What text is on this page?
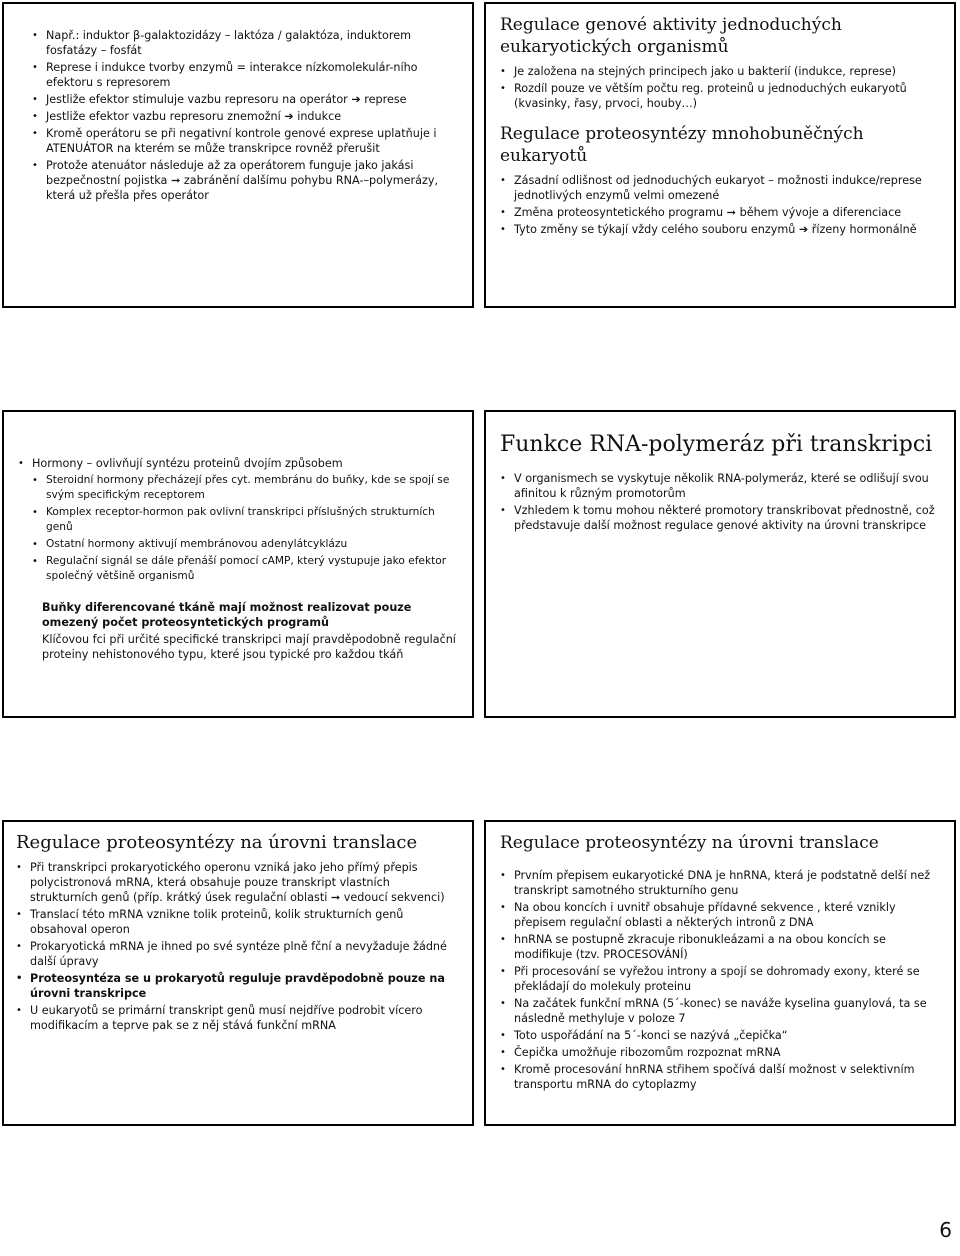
• Např.: induktor β-galaktozidázy – laktóza / galaktóza, induktorem fosfatázy – fosfát
• Represe i indukce tvorby enzymů = interakce nízkomolekulár-ního efektoru s represorem
• Jestliže efektor stimuluje vazbu represoru na operátor ➔ represe
• Jestliže efektor vazbu represoru znemožní ➔ indukce
• Kromě operátoru se při negativní kontrole genové exprese uplatňuje i ATENUÁTOR na kterém se může transkripce rovněž přerušit
• Protože atenuátor následuje až za operátorem funguje jako jakási bezpečnostní pojistka ➞ zabránění dalšímu pohybu RNA-–polymerázy, která už přešla přes operátor
Regulace genové aktivity jednoduchých eukaryotických organismů
• Je založena na stejných principech jako u bakterií (indukce, represe)
• Rozdíl pouze ve větším počtu reg. proteinů u jednoduchých eukaryotů (kvasinky, řasy, prvoci, houby…)
Regulace proteosyntézy mnohobuněčných eukaryotů
• Zásadní odlišnost od jednoduchých eukaryot – možnosti indukce/represe jednotlivých enzymů velmi omezené
• Změna proteosyntetického programu ➞ během vývoje a diferenciace
• Tyto změny se týkají vždy celého souboru enzymů ➔ řízeny hormonálně
• Hormony – ovlivňují syntézu proteinů dvojím způsobem
• Steroidní hormony přecházejí přes cyt. membránu do buňky, kde se spojí se svým specifickým receptorem
• Komplex receptor-hormon pak ovlivní transkripci příslušných strukturních genů
• Ostatní hormony aktivují membránovou adenylátcyklázu
• Regulační signál se dále přenáší pomocí cAMP, který vystupuje jako efektor společný většině organismů
Buňky diferencované tkáně mají možnost realizovat pouze omezený počet proteosyntetických programů
Klíčovou fci při určité specifické transkripci mají pravděpodobně regulační proteiny nehistonového typu, které jsou typické pro každou tkáň
Funkce RNA-polymeráz při transkripci
• V organismech se vyskytuje několik RNA-polymeráz, které se odlišují svou afinitou k různým promotorům
• Vzhledem k tomu mohou některé promotory transkribovat přednostně, což představuje další možnost regulace genové aktivity na úrovni transkripce
Regulace proteosyntézy na úrovni translace
• Při transkripci prokaryotického operonu vzniká jako jeho přímý přepis polycistronová mRNA, která obsahuje pouze transkript vlastních strukturních genů (příp. krátký úsek regulační oblasti ➞ vedoucí sekvenci)
• Translací této mRNA vznikne tolik proteinů, kolik strukturních genů obsahoval operon
• Prokaryotická mRNA je ihned po své syntéze plně fční a nevyžaduje žádné další úpravy
• Proteosyntéza se u prokaryotů reguluje pravděpodobně pouze na úrovni transkripce
• U eukaryotů se primární transkript genů musí nejdříve podrobit vícero modifikacím a teprve pak se z něj stává funkční mRNA
Regulace proteosyntézy na úrovni translace
• Prvním přepisem eukaryotické DNA je hnRNA, která je podstatně delší než transkript samotného strukturního genu
• Na obou koncích i uvnitř obsahuje přídavné sekvence , které vznikly přepisem regulační oblasti a některých intronů z DNA
• hnRNA se postupně zkracuje ribonukleázami a na obou koncích se modifikuje (tzv. PROCESOVÁNÍ)
• Při procesování se vyřežou introny a spojí se dohromady exony, které se překládají do molekuly proteinu
• Na začátek funkční mRNA (5´-konec) se naváže kyselina guanylová, ta se následně methyluje v poloze 7
• Toto uspořádání na 5´-konci se nazývá „čepička“
• Čepička umožňuje ribozomům rozpoznat mRNA
• Kromě procesování hnRNA střihem spočívá další možnost v selektivním transportu mRNA do cytoplazmy
6
